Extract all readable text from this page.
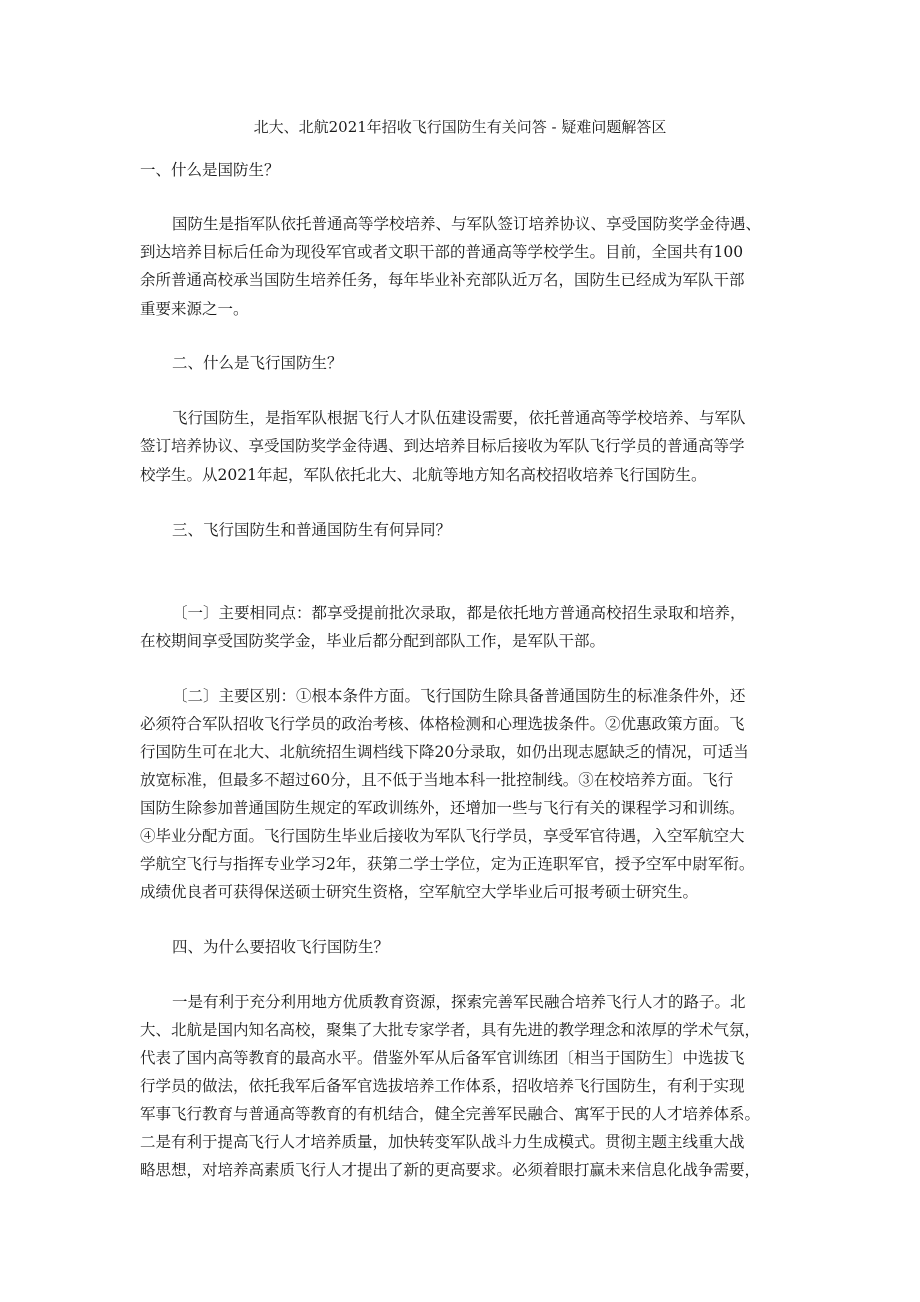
北大、北航2021年招收飞行国防生有关问答 - 疑难问题解答区
一、什么是国防生？
国防生是指军队依托普通高等学校培养、与军队签订培养协议、享受国防奖学金待遇、
到达培养目标后任命为现役军官或者文职干部的普通高等学校学生。目前，全国共有100
余所普通高校承当国防生培养任务，每年毕业补充部队近万名，国防生已经成为军队干部
重要来源之一。
二、什么是飞行国防生？
飞行国防生，是指军队根据飞行人才队伍建设需要，依托普通高等学校培养、与军队
签订培养协议、享受国防奖学金待遇、到达培养目标后接收为军队飞行学员的普通高等学
校学生。从2021年起，军队依托北大、北航等地方知名高校招收培养飞行国防生。
三、飞行国防生和普通国防生有何异同？
〔一〕主要相同点：都享受提前批次录取，都是依托地方普通高校招生录取和培养，
在校期间享受国防奖学金，毕业后都分配到部队工作，是军队干部。
〔二〕主要区别：①根本条件方面。飞行国防生除具备普通国防生的标准条件外，还
必须符合军队招收飞行学员的政治考核、体格检测和心理选拔条件。②优惠政策方面。飞
行国防生可在北大、北航统招生调档线下降20分录取，如仍出现志愿缺乏的情况，可适当
放宽标准，但最多不超过60分，且不低于当地本科一批控制线。③在校培养方面。飞行
国防生除参加普通国防生规定的军政训练外，还增加一些与飞行有关的课程学习和训练。
④毕业分配方面。飞行国防生毕业后接收为军队飞行学员，享受军官待遇，入空军航空大
学航空飞行与指挥专业学习2年，获第二学士学位，定为正连职军官，授予空军中尉军衔。
成绩优良者可获得保送硕士研究生资格，空军航空大学毕业后可报考硕士研究生。
四、为什么要招收飞行国防生？
一是有利于充分利用地方优质教育资源，探索完善军民融合培养飞行人才的路子。北
大、北航是国内知名高校，聚集了大批专家学者，具有先进的教学理念和浓厚的学术气氛，
代表了国内高等教育的最高水平。借鉴外军从后备军官训练团〔相当于国防生〕中选拔飞
行学员的做法，依托我军后备军官选拔培养工作体系，招收培养飞行国防生，有利于实现
军事飞行教育与普通高等教育的有机结合，健全完善军民融合、寓军于民的人才培养体系。
二是有利于提高飞行人才培养质量，加快转变军队战斗力生成模式。贯彻主题主线重大战
略思想，对培养高素质飞行人才提出了新的更高要求。必须着眼打赢未来信息化战争需要，
